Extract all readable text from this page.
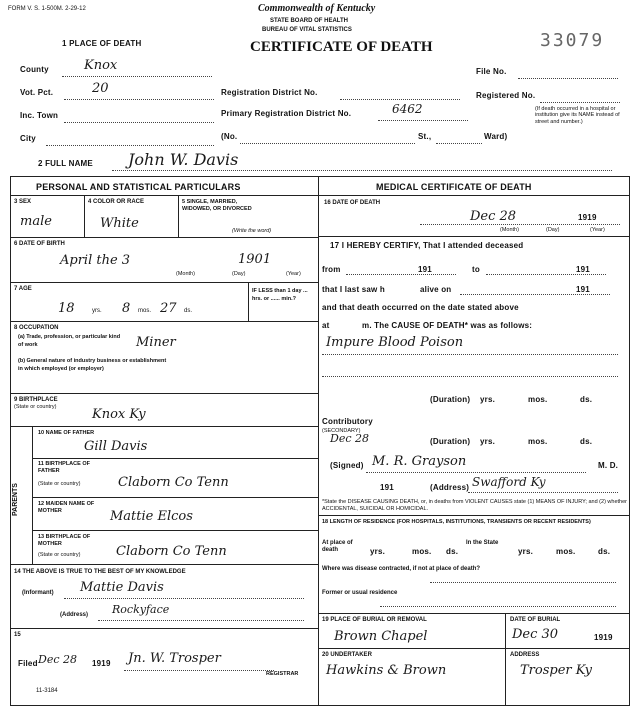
FORM V. S. 1-500M. 2-29-12	Commonwealth of Kentucky
STATE BOARD OF HEALTH
BUREAU OF VITAL STATISTICS
CERTIFICATE OF DEATH	33079
1 PLACE OF DEATH
County	Knox
Vot. Pct.	20
Inc. Town
City
Registration District No.
Primary Registration District No.	6462
(No.	St.,	Ward)
File No.
Registered No.
(If death occurred in a hospital or institution give its NAME instead of street and number.)
2 FULL NAME John W. Davis
PERSONAL AND STATISTICAL PARTICULARS	MEDICAL CERTIFICATE OF DEATH
3 SEX
male
4 COLOR OR RACE
White
5 SINGLE, MARRIED, WIDOWED, OR DIVORCED
(Write the word)
6 DATE OF BIRTH
April the 3	1901
(Month)	(Day)	(Year)
7 AGE
18	yrs. 8 mos. 27 ds.
IF LESS than 1 day ... hrs. or ...... min.?
8 OCCUPATION
(a) Trade, profession, or particular kind of work	Miner
(b) General nature of industry business or establishment in which employed (or employer)
9 BIRTHPLACE
(State or country)	Knox Ky
PARENTS
10 NAME OF FATHER
Gill Davis
11 BIRTHPLACE OF FATHER
(State or country)	Claborn Co Tenn
12 MAIDEN NAME OF MOTHER	Mattie Elcos
13 BIRTHPLACE OF MOTHER
(State or country)	Claborn Co Tenn
14 THE ABOVE IS TRUE TO THE BEST OF MY KNOWLEDGE
(Informant) Mattie Davis
(Address) Rockyface
15
Filed Dec 28 1919 Jn. W. Trosper
REGISTRAR
11-3184
16 DATE OF DEATH
Dec 28	1919
(Month)	(Day)	(Year)
17 I HEREBY CERTIFY, That I attended deceased
from	191	to	191
that I last saw h	alive on	191
and that death occurred on the date stated above
at	m. The CAUSE OF DEATH* was as follows:
Impure Blood Poison
(Duration) yrs.	mos.	ds.
Contributory
(SECONDARY)
Dec 28	(Duration) yrs.	mos.	ds.
(Signed) M. R. Grayson	M. D.
191	(Address) Swafford Ky
*State the DISEASE CAUSING DEATH, or, in deaths from VIOLENT CAUSES state (1) MEANS OF INJURY; and (2) whether ACCIDENTAL, SUICIDAL OR HOMICIDAL.
18 LENGTH OF RESIDENCE (FOR HOSPITALS, INSTITUTIONS, TRANSIENTS OR RECENT RESIDENTS)
At place of death	yrs.	mos. ds.
In the State
yrs.	mos.	ds.
Where was disease contracted, if not at place of death?
Former or usual residence
19 PLACE OF BURIAL OR REMOVAL	DATE OF BURIAL
Brown Chapel	Dec 30	1919
20 UNDERTAKER	ADDRESS
Hawkins & Brown	Trosper Ky
